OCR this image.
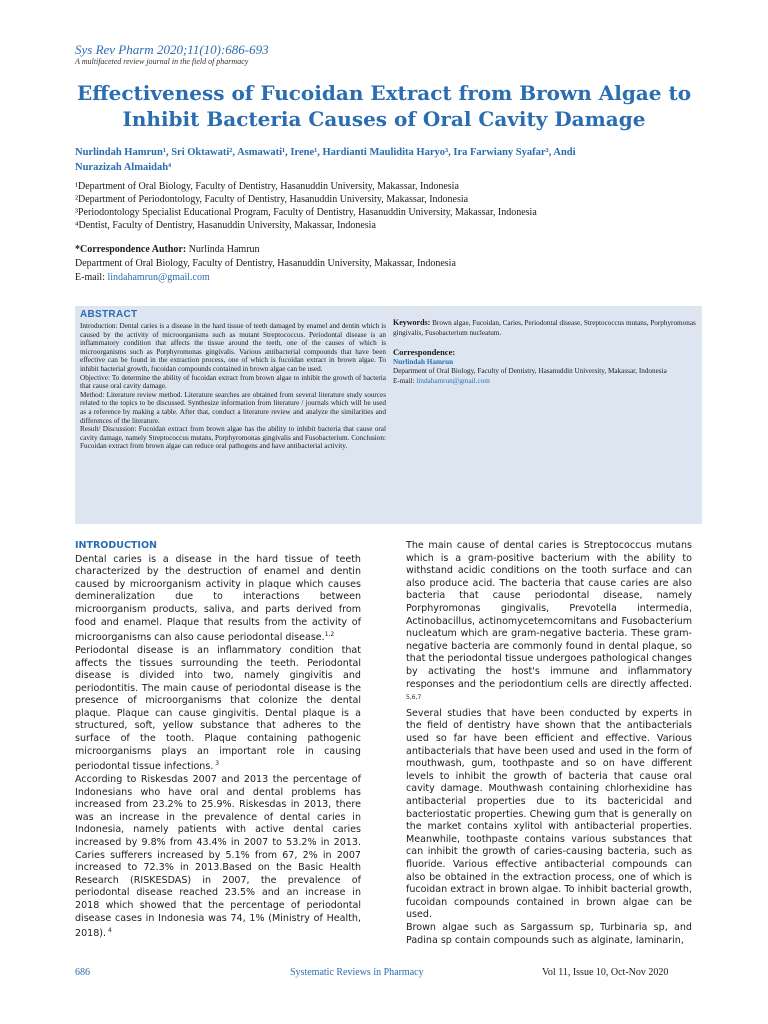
Sys Rev Pharm 2020;11(10):686-693
A multifaceted review journal in the field of pharmacy
Effectiveness of Fucoidan Extract from Brown Algae to
Inhibit Bacteria Causes of Oral Cavity Damage
Nurlindah Hamrun¹, Sri Oktawati², Asmawati¹, Irene¹, Hardianti Maulidita Haryo³, Ira Farwiany Syafar³, Andi
Nurazizah Almaidah⁴
¹Department of Oral Biology, Faculty of Dentistry, Hasanuddin University, Makassar, Indonesia
²Department of Periodontology, Faculty of Dentistry, Hasanuddin University, Makassar, Indonesia
³Periodontology Specialist Educational Program, Faculty of Dentistry, Hasanuddin University, Makassar, Indonesia
⁴Dentist, Faculty of Dentistry, Hasanuddin University, Makassar, Indonesia
*Correspondence Author: Nurlinda Hamrun
Department of Oral Biology, Faculty of Dentistry, Hasanuddin University, Makassar, Indonesia
E-mail: lindahamrun@gmail.com
ABSTRACT

Introduction: Dental caries is a disease in the hard tissue of teeth damaged by enamel and dentin which is caused by the activity of microorganisms such as mutant Streptococcus. Periodontal disease is an inflammatory condition that affects the tissue around the teeth, one of the causes of which is microorganisms such as Porphyromonas gingivalis. Various antibacterial compounds that have been effective can be found in the extraction process, one of which is fucoidan extract in brown algae. To inhibit bacterial growth, fucoidan compounds contained in brown algae can be used.

Objective: To determine the ability of fucoidan extract from brown algae to inhibit the growth of bacteria that cause oral cavity damage.

Method: Literature review method. Literature searches are obtained from several literature study sources related to the topics to be discussed. Synthesize information from literature / journals which will be used as a reference by making a table. After that, conduct a literature review and analyze the similarities and differences of the literature.

Result/ Discussion: Fucoidan extract from brown algae has the ability to inhibit bacteria that cause oral cavity damage, namely Streptococcus mutans, Porphyromonas gingivalis and Fusobacterium. Conclusion: Fucoidan extract from brown algae can reduce oral pathogens and have antibacterial activity.

Keywords: Brown algae, Fucoidan, Caries, Periodontal disease, Streptococcus mutans, Porphyromonas gingivalis, Fusobacterium nucleatum.
Correspondence:
Nurlindah Hamrun
Department of Oral Biology, Faculty of Dentistry, Hasanuddin University, Makassar, Indonesia
E-mail: lindahamrun@gmail.com
INTRODUCTION

Dental caries is a disease in the hard tissue of teeth characterized by the destruction of enamel and dentin caused by microorganism activity in plaque which causes demineralization due to interactions between microorganism products, saliva, and parts derived from food and enamel. Plaque that results from the activity of microorganisms can also cause periodontal disease.$^{1,2}$

Periodontal disease is an inflammatory condition that affects the tissues surrounding the teeth. Periodontal disease is divided into two, namely gingivitis and periodontitis. The main cause of periodontal disease is the presence of microorganisms that colonize the dental plaque. Plaque can cause gingivitis. Dental plaque is a structured, soft, yellow substance that adheres to the surface of the tooth. Plaque containing pathogenic microorganisms plays an important role in causing periodontal tissue infections. $^3$

According to Riskesdas 2007 and 2013 the percentage of Indonesians who have oral and dental problems has increased from 23.2% to 25.9%. Riskesdas in 2013, there was an increase in the prevalence of dental caries in Indonesia, namely patients with active dental caries increased by 9.8% from 43.4% in 2007 to 53.2% in 2013. Caries sufferers increased by 5.1% from 67, 2% in 2007 increased to 72.3% in 2013.Based on the Basic Health Research (RISKESDAS) in 2007, the prevalence of periodontal disease reached 23.5% and an increase in 2018 which showed that the percentage of periodontal disease cases in Indonesia was 74, 1% (Ministry of Health, 2018). $^4$

The main cause of dental caries is Streptococcus mutans which is a gram-positive bacterium with the ability to withstand acidic conditions on the tooth surface and can also produce acid. The bacteria that cause caries are also bacteria that cause periodontal disease, namely Porphyromonas gingivalis, Prevotella intermedia, Actinobacillus, actinomycetemcomitans and Fusobacterium nucleatum which are gram-negative bacteria. These gram-negative bacteria are commonly found in dental plaque, so that the periodontal tissue undergoes pathological changes by activating the host's immune and inflammatory responses and the periodontium cells are directly affected. $^{5,6,7}$

Several studies that have been conducted by experts in the field of dentistry have shown that the antibacterials used so far have been efficient and effective. Various antibacterials that have been used and used in the form of mouthwash, gum, toothpaste and so on have different levels to inhibit the growth of bacteria that cause oral cavity damage. Mouthwash containing chlorhexidine has antibacterial properties due to its bactericidal and bacteriostatic properties. Chewing gum that is generally on the market contains xylitol with antibacterial properties. Meanwhile, toothpaste contains various substances that can inhibit the growth of caries-causing bacteria, such as fluoride. Various effective antibacterial compounds can also be obtained in the extraction process, one of which is fucoidan extract in brown algae. To inhibit bacterial growth, fucoidan compounds contained in brown algae can be used.

Brown algae such as Sargassum sp, Turbinaria sp, and Padina sp contain compounds such as alginate, laminarin,

686	Systematic Reviews in Pharmacy	Vol 11, Issue 10, Oct-Nov 2020
